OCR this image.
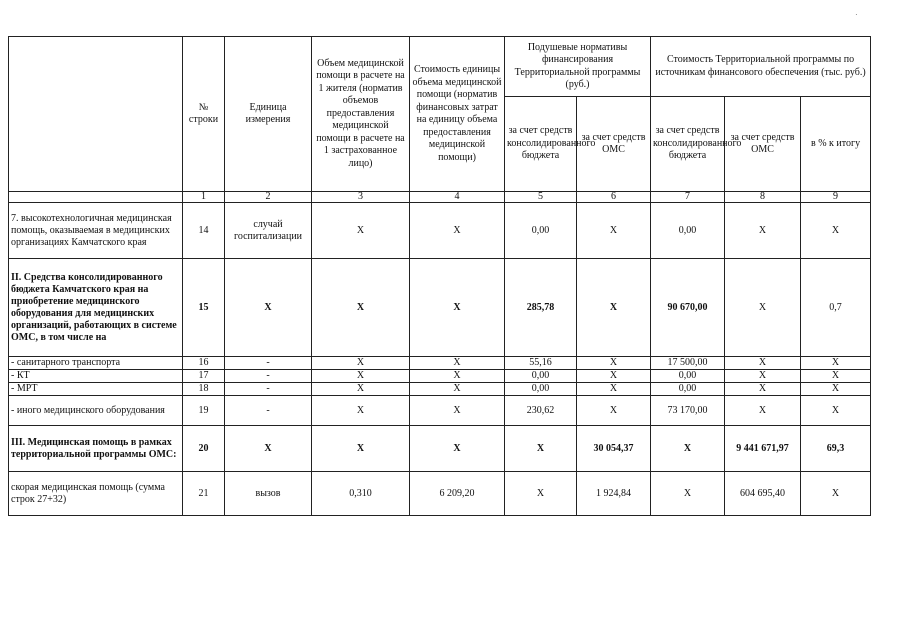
·
	№ строки	Единица измерения	Объем медицинской помощи в расчете на 1 жителя (норматив объемов предоставления медицинской помощи в расчете на 1 застрахованное лицо)	Стоимость единицы объема медицинской помощи (норматив финансовых затрат на единицу объема предоставления медицинской помощи)	Подушевые нормативы финансирования Территориальной программы (руб.)		Стоимость Территориальной программы по источникам финансового обеспечения (тыс. руб.)		
					за счет средств консолидированного бюджета	за счет средств ОМС	за счет средств консолидированного бюджета	за счет средств ОМС	в % к итогу
	1	2	3	4	5	6	7	8	9
7. высокотехнологичная медицинская помощь, оказываемая в медицинских организациях Камчатского края	14	случай госпитализации	Х	Х	0,00	Х	0,00	Х	Х
II. Средства консолидированного бюджета Камчатского края на приобретение медицинского оборудования для медицинских организаций, работающих в системе ОМС, в том числе на	15	Х	Х	Х	285,78	Х	90 670,00	Х	0,7
- санитарного транспорта	16	-	Х	Х	55,16	Х	17 500,00	Х	Х
- КТ	17	-	Х	Х	0,00	Х	0,00	Х	Х
- МРТ	18	-	Х	Х	0,00	Х	0,00	Х	Х
- иного медицинского оборудования	19	-	Х	Х	230,62	Х	73 170,00	Х	Х
III. Медицинская помощь в рамках территориальной программы ОМС:	20	Х	Х	Х	Х	30 054,37	Х	9 441 671,97	69,3
скорая медицинская помощь (сумма строк 27+32)	21	вызов	0,310	6 209,20	Х	1 924,84	Х	604 695,40	Х
